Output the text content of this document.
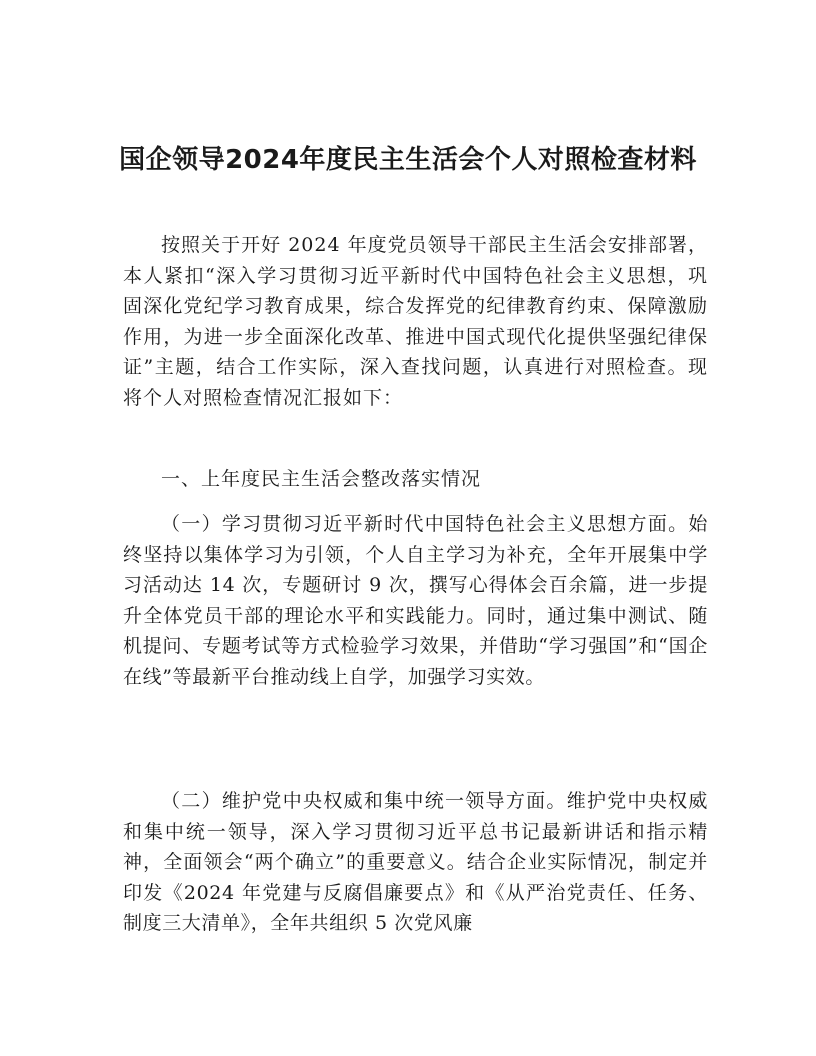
国企领导2024年度民主生活会个人对照检查材料

按照关于开好 2024 年度党员领导干部民主生活会安排部署，本人紧扣“深入学习贯彻习近平新时代中国特色社会主义思想，巩固深化党纪学习教育成果，综合发挥党的纪律教育约束、保障激励作用，为进一步全面深化改革、推进中国式现代化提供坚强纪律保证”主题，结合工作实际，深入查找问题，认真进行对照检查。现将个人对照检查情况汇报如下：

一、上年度民主生活会整改落实情况

（一）学习贯彻习近平新时代中国特色社会主义思想方面。始终坚持以集体学习为引领，个人自主学习为补充，全年开展集中学习活动达 14 次，专题研讨 9 次，撰写心得体会百余篇，进一步提升全体党员干部的理论水平和实践能力。同时，通过集中测试、随机提问、专题考试等方式检验学习效果，并借助“学习强国”和“国企在线”等最新平台推动线上自学，加强学习实效。

（二）维护党中央权威和集中统一领导方面。维护党中央权威和集中统一领导，深入学习贯彻习近平总书记最新讲话和指示精神，全面领会“两个确立”的重要意义。结合企业实际情况，制定并印发《2024 年党建与反腐倡廉要点》和《从严治党责任、任务、制度三大清单》，全年共组织 5 次党风廉
